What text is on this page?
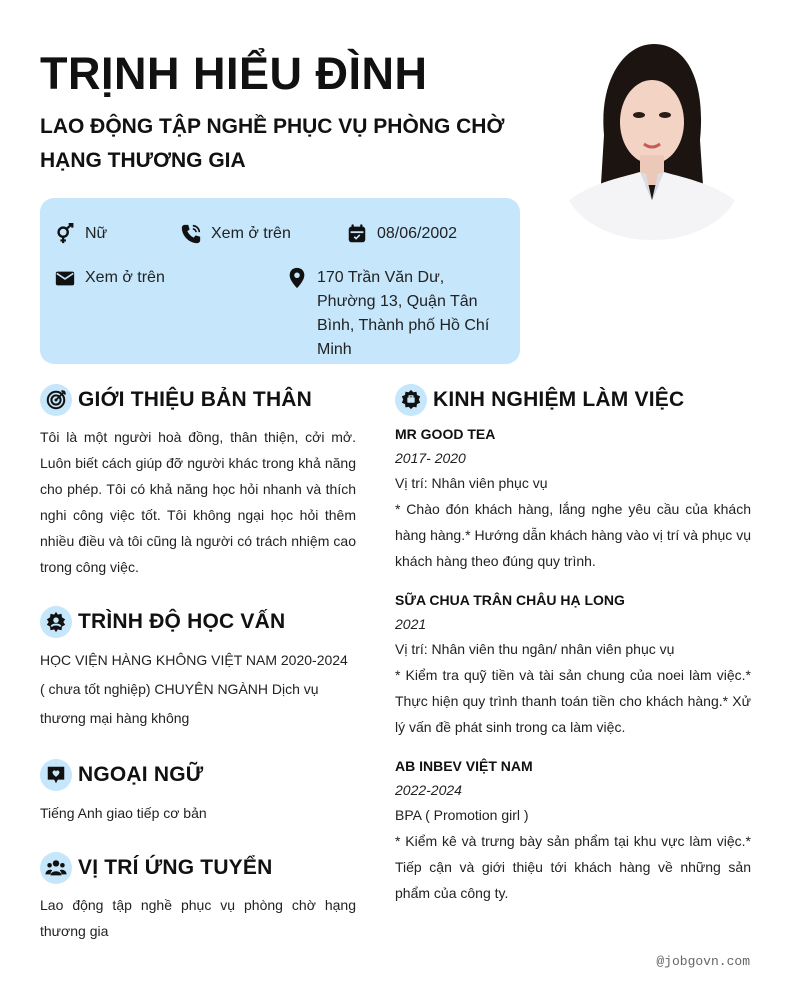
TRỊNH HIỂU ĐÌNH
LAO ĐỘNG TẬP NGHỀ PHỤC VỤ PHÒNG CHỜ HẠNG THƯƠNG GIA
Nữ	Xem ở trên	08/06/2002
Xem ở trên	170 Trần Văn Dư, Phường 13, Quận Tân Bình, Thành phố Hồ Chí Minh
GIỚI THIỆU BẢN THÂN
Tôi là một người hoà đồng, thân thiện, cởi mở. Luôn biết cách giúp đỡ người khác trong khả năng cho phép. Tôi có khả năng học hỏi nhanh và thích nghi công việc tốt. Tôi không ngại học hỏi thêm nhiều điều và tôi cũng là người có trách nhiệm cao trong công việc.
TRÌNH ĐỘ HỌC VẤN
HỌC VIỆN HÀNG KHÔNG VIỆT NAM 2020-2024 ( chưa tốt nghiệp) CHUYÊN NGÀNH Dịch vụ thương mại hàng không
NGOẠI NGỮ
Tiếng Anh giao tiếp cơ bản
VỊ TRÍ ỨNG TUYỂN
Lao động tập nghề phục vụ phòng chờ hạng thương gia
KINH NGHIỆM LÀM VIỆC
MR GOOD TEA
2017- 2020
Vị trí: Nhân viên phục vụ
* Chào đón khách hàng, lắng nghe yêu cầu của khách hàng hàng.* Hướng dẫn khách hàng vào vị trí và phục vụ khách hàng theo đúng quy trình.
SỮA CHUA TRÂN CHÂU HẠ LONG
2021
Vị trí: Nhân viên thu ngân/ nhân viên phục vụ
* Kiểm tra quỹ tiền và tài sản chung của noei làm việc.* Thực hiện quy trình thanh toán tiền cho khách hàng.* Xử lý vấn đề phát sinh trong ca làm việc.
AB INBEV VIỆT NAM
2022-2024
BPA ( Promotion girl )
* Kiểm kê và trưng bày sản phẩm tại khu vực làm việc.* Tiếp cận và giới thiệu tới khách hàng về những sản phẩm của công ty.
@jobgovn.com
